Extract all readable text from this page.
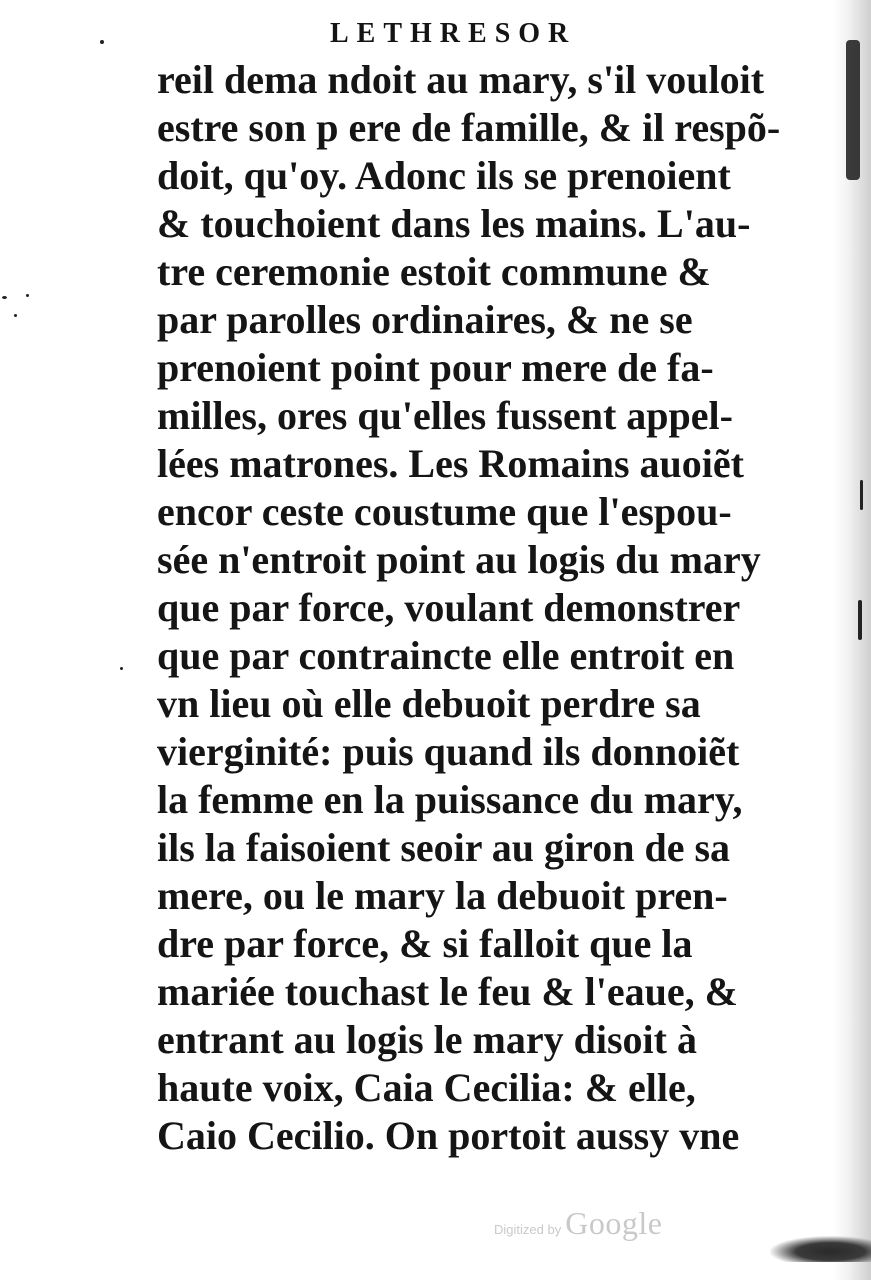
LETHRESOR
reil dema ndoit au mary, s'il vouloit
estre son p ere de famille, & il respõ-
doit, qu'oy. Adonc ils se prenoient
& touchoient dans les mains. L'au-
tre ceremonie estoit commune &
par parolles ordinaires, & ne se
prenoient point pour mere de fa-
milles, ores qu'elles fussent appel-
lées matrones. Les Romains auoiẽt
encor ceste coustume que l'espou-
sée n'entroit point au logis du mary
que par force, voulant demonstrer
que par contraincte elle entroit en
vn lieu où elle debuoit perdre sa
vierginité: puis quand ils donnoiẽt
la femme en la puissance du mary,
ils la faisoient seoir au giron de sa
mere, ou le mary la debuoit pren-
dre par force, & si falloit que la
mariée touchast le feu & l'eaue, &
entrant au logis le mary disoit à
haute voix, Caia Cecilia: & elle,
Caio Cecilio. On portoit aussy vne
Digitized by Google
